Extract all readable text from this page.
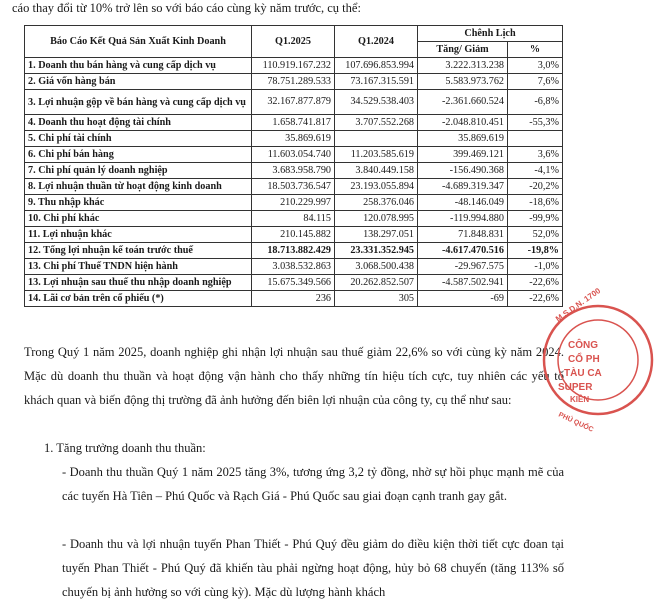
cáo thay đổi từ 10% trở lên so với báo cáo cùng kỳ năm trước, cụ thể:
Báo Cáo Kết Quả Sản Xuất Kinh Doanh	Q1.2025	Q1.2024	Chênh Lịch	
			Tăng/ Giảm	%
1. Doanh thu bán hàng và cung cấp dịch vụ	110.919.167.232	107.696.853.994	3.222.313.238	3,0%
2. Giá vốn hàng bán	78.751.289.533	73.167.315.591	5.583.973.762	7,6%
3. Lợi nhuận gộp về bán hàng và cung cấp dịch vụ	32.167.877.879	34.529.538.403	-2.361.660.524	-6,8%
4. Doanh thu hoạt động tài chính	1.658.741.817	3.707.552.268	-2.048.810.451	-55,3%
5. Chi phí tài chính	35.869.619		35.869.619	
6. Chi phí bán hàng	11.603.054.740	11.203.585.619	399.469.121	3,6%
7. Chi phí quản lý doanh nghiệp	3.683.958.790	3.840.449.158	-156.490.368	-4,1%
8. Lợi nhuận thuần từ hoạt động kinh doanh	18.503.736.547	23.193.055.894	-4.689.319.347	-20,2%
9. Thu nhập khác	210.229.997	258.376.046	-48.146.049	-18,6%
10. Chi phí khác	84.115	120.078.995	-119.994.880	-99,9%
11. Lợi nhuận khác	210.145.882	138.297.051	71.848.831	52,0%
12. Tổng lợi nhuận kế toán trước thuế	18.713.882.429	23.331.352.945	-4.617.470.516	-19,8%
13. Chi phí Thuế TNDN hiện hành	3.038.532.863	3.068.500.438	-29.967.575	-1,0%
13. Lợi nhuận sau thuế thu nhập doanh nghiệp	15.675.349.566	20.262.852.507	-4.587.502.941	-22,6%
14. Lãi cơ bản trên cổ phiếu (*)	236	305	-69	-22,6%
Trong Quý 1 năm 2025, doanh nghiệp ghi nhận lợi nhuận sau thuế giảm 22,6% so với cùng kỳ năm 2024. Mặc dù doanh thu thuần và hoạt động vận hành cho thấy những tín hiệu tích cực, tuy nhiên các yếu tố khách quan và biến động thị trường đã ảnh hưởng đến biên lợi nhuận của công ty, cụ thể như sau:
1. Tăng trưởng doanh thu thuần:
- Doanh thu thuần Quý 1 năm 2025 tăng 3%, tương ứng 3,2 tỷ đồng, nhờ sự hồi phục mạnh mẽ của các tuyến Hà Tiên – Phú Quốc và Rạch Giá - Phú Quốc sau giai đoạn cạnh tranh gay gắt.
- Doanh thu và lợi nhuận tuyến Phan Thiết - Phú Quý đều giảm do điều kiện thời tiết cực đoan tại tuyến Phan Thiết - Phú Quý đã khiến tàu phải ngừng hoạt động, hủy bỏ 68 chuyến (tăng 113% số chuyến bị ảnh hưởng so với cùng kỳ). Mặc dù lượng hành khách
M.S.D.N. 1700
CÔNG
CỔ PH
TÀU CA
SUPER
KIÊN
PHÚ QUỐC
